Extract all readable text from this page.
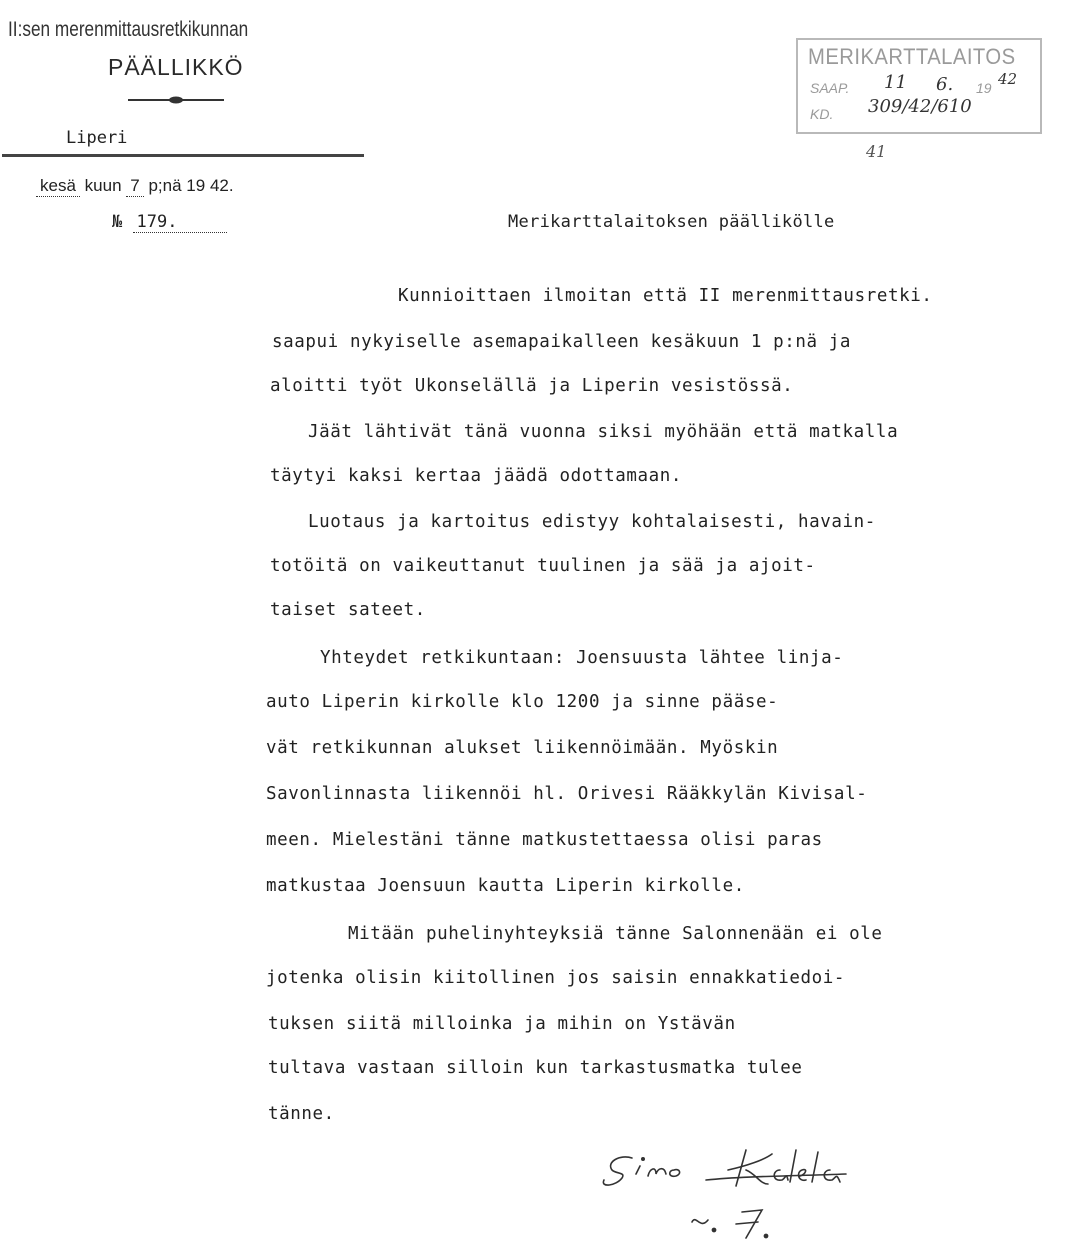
II:sen merenmittausretkikunnan
PÄÄLLIKKÖ
Liperi
kesä kuun 7 p;nä 19 42.
№ 179.
MERIKARTTALAITOS
SAAP. 11 6. 19 42
KD. 309/42/610
41
Merikarttalaitoksen päällikölle
Kunnioittaen ilmoitan että II merenmittausretki.
saapui nykyiselle asemapaikalleen kesäkuun 1 p:nä ja
aloitti työt Ukonselällä ja Liperin vesistössä.
Jäät lähtivät tänä vuonna siksi myöhään että matkalla
täytyi kaksi kertaa jäädä odottamaan.
Luotaus ja kartoitus edistyy kohtalaisesti, havain-
totöitä on vaikeuttanut tuulinen ja sää ja ajoit-
taiset sateet.
Yhteydet retkikuntaan: Joensuusta lähtee linja-
auto Liperin kirkolle klo 1200 ja sinne pääse-
vät retkikunnan alukset liikennöimään. Myöskin
Savonlinnasta liikennöi hl. Orivesi Rääkkylän Kivisal-
meen. Mielestäni tänne matkustettaessa olisi paras
matkustaa Joensuun kautta Liperin kirkolle.
Mitään puhelinyhteyksiä tänne Salonnenään ei ole
jotenka olisin kiitollinen jos saisin ennakkatiedoi-
tuksen siitä milloinka ja mihin on Ystävän
tultava vastaan silloin kun tarkastusmatka tulee
tänne.
